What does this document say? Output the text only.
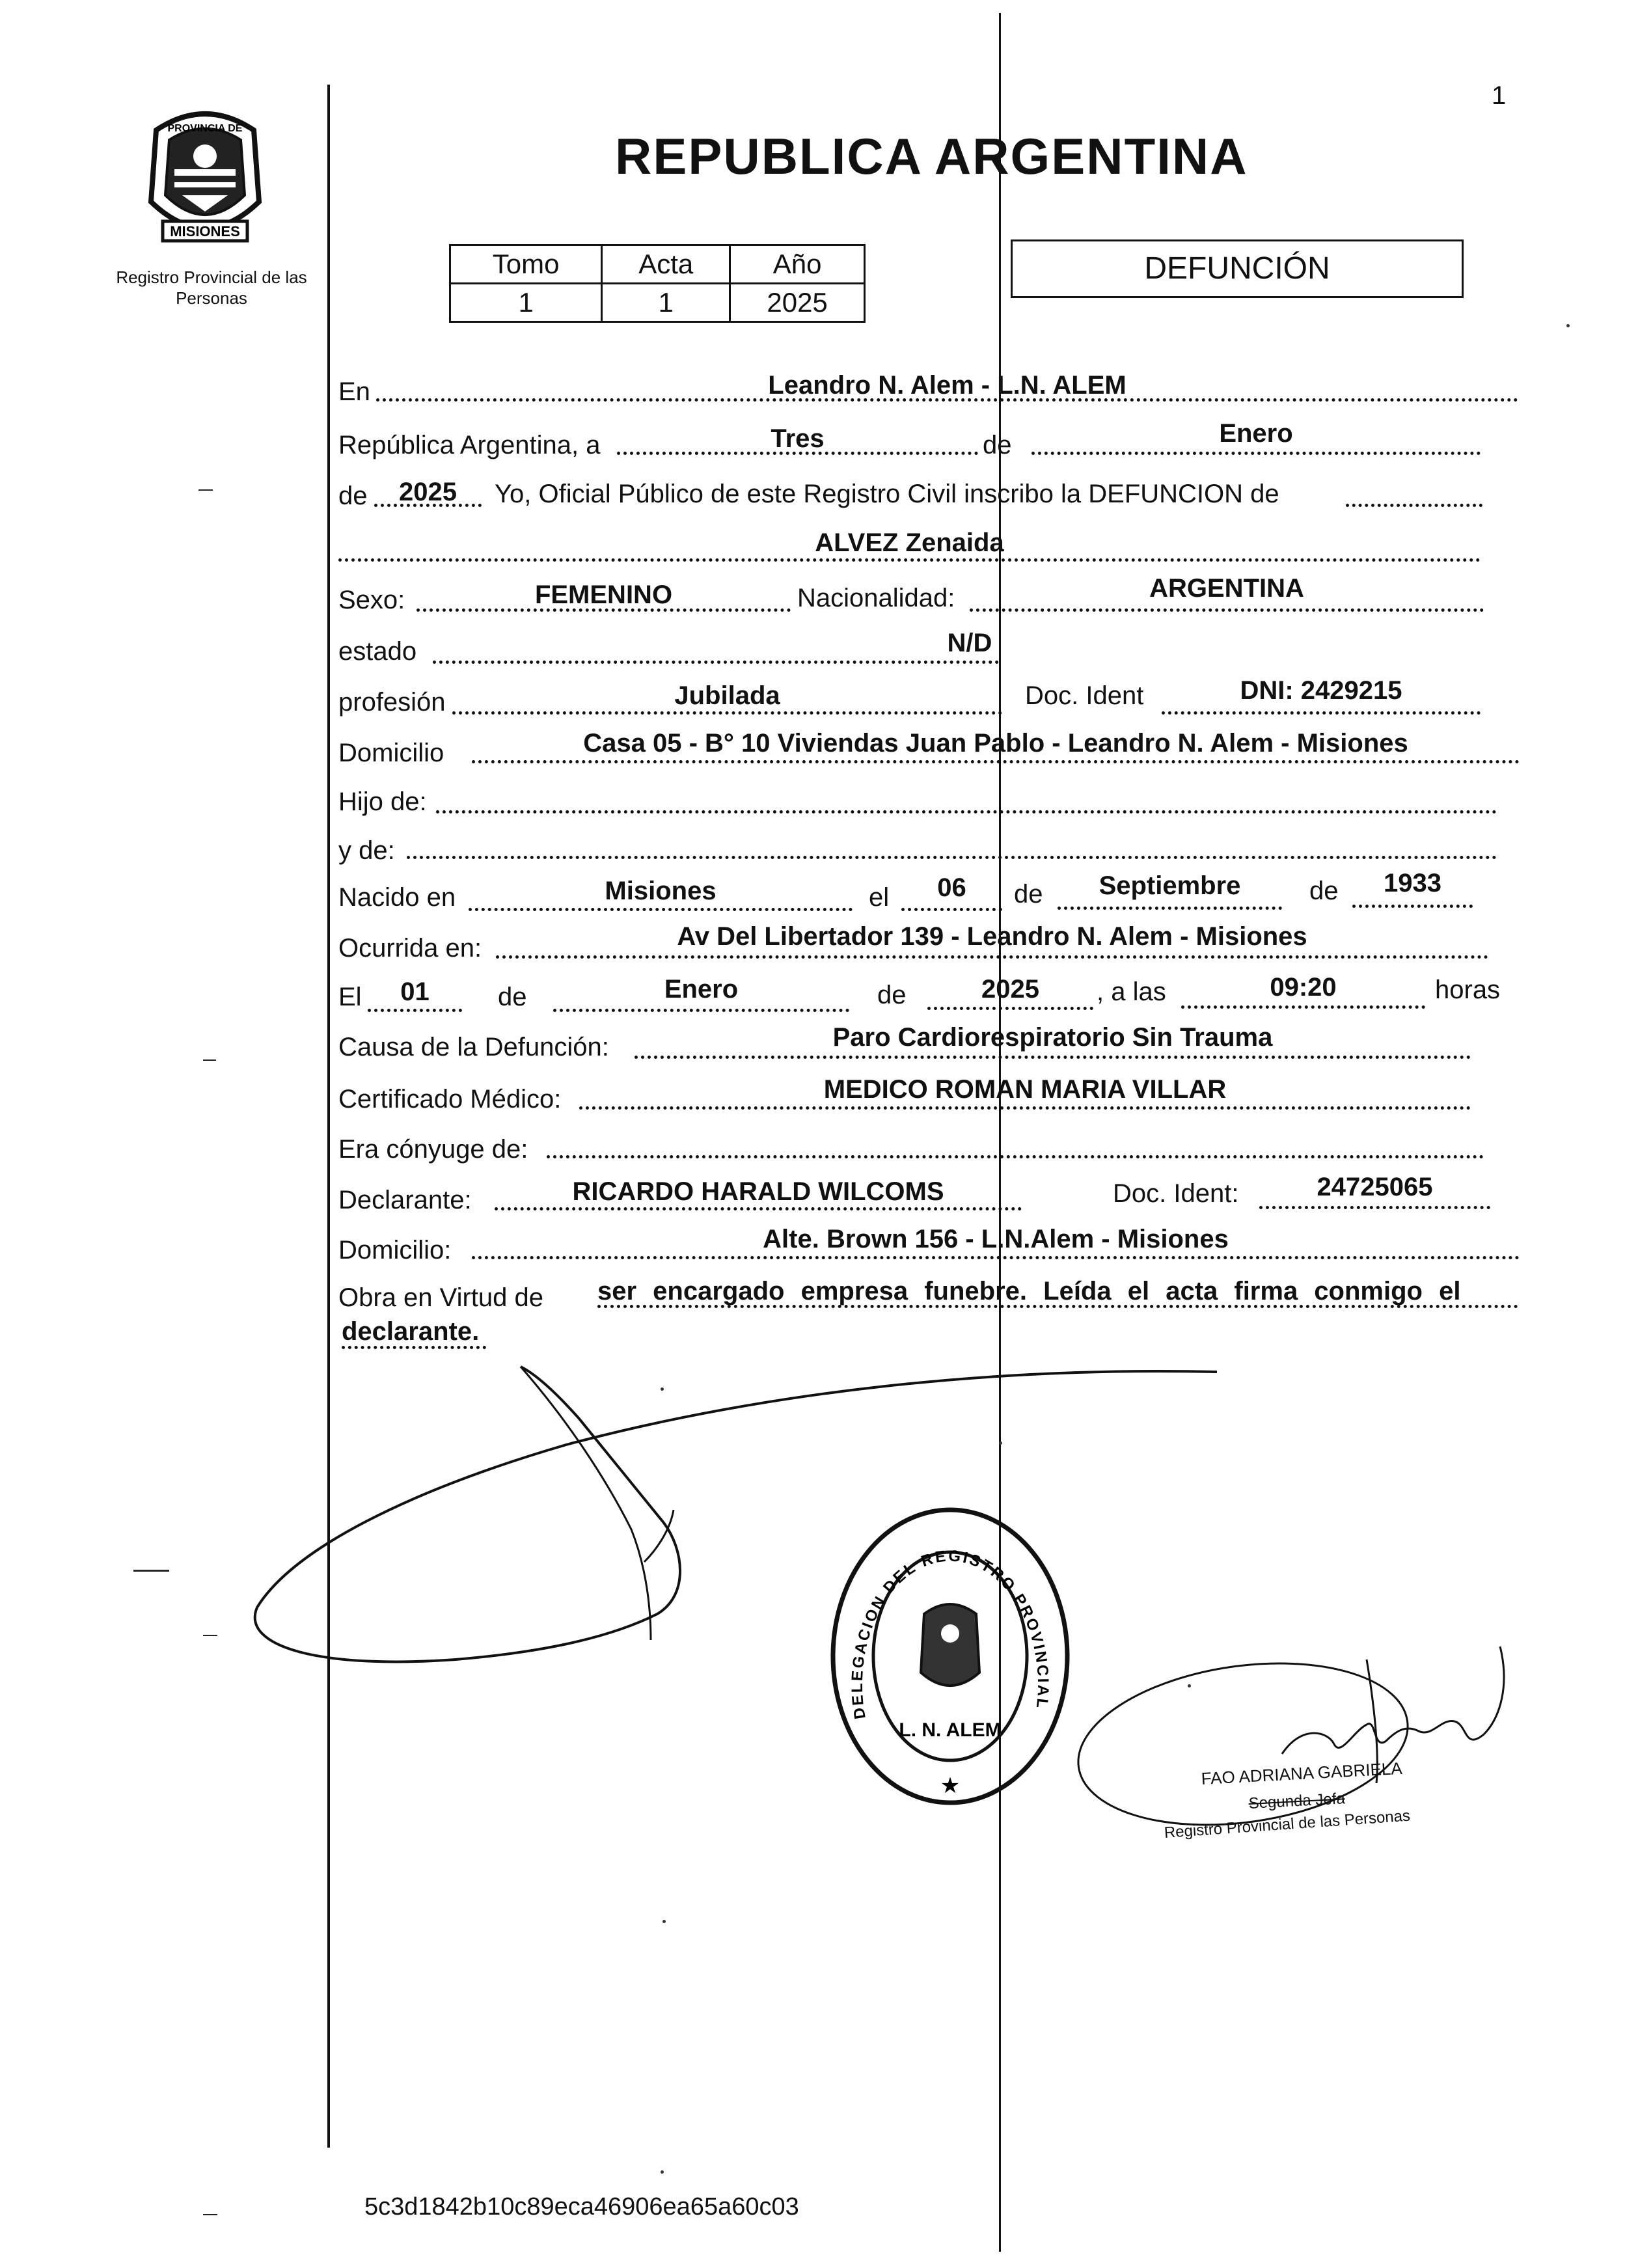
1
PROVINCIA DE
MISIONES
Registro Provincial de las Personas
REPUBLICA ARGENTINA
Tomo	Acta	Año
1	1	2025
DEFUNCIÓN
En	Leandro N. Alem - L.N. ALEM
República Argentina, a	Tres	de	Enero
de	2025	Yo, Oficial Público de este Registro Civil inscribo la DEFUNCION de
ALVEZ Zenaida
Sexo:	FEMENINO	Nacionalidad:	ARGENTINA
estado	N/D
profesión	Jubilada	Doc. Ident	DNI: 2429215
Domicilio	Casa 05 - B° 10 Viviendas Juan Pablo - Leandro N. Alem - Misiones
Hijo de:
y de:
Nacido en	Misiones	el	06	de	Septiembre	de	1933
Ocurrida en:	Av Del Libertador 139 - Leandro N. Alem - Misiones
El	01	de	Enero	de	2025	, a las	09:20	horas
Causa de la Defunción:	Paro Cardiorespiratorio Sin Trauma
Certificado Médico:	MEDICO ROMAN MARIA VILLAR
Era cónyuge de:
Declarante:	RICARDO HARALD WILCOMS	Doc. Ident:	24725065
Domicilio:	Alte. Brown 156 - L.N.Alem - Misiones
Obra en Virtud de ser encargado empresa funebre. Leída el acta firma conmigo el
declarante.
DELEGACION DEL REGISTRO PROVINCIAL
L. N. ALEM
★	FAO ADRIANA GABRIELA
Segunda Jefa
Registro Provincial de las Personas
5c3d1842b10c89eca46906ea65a60c03
